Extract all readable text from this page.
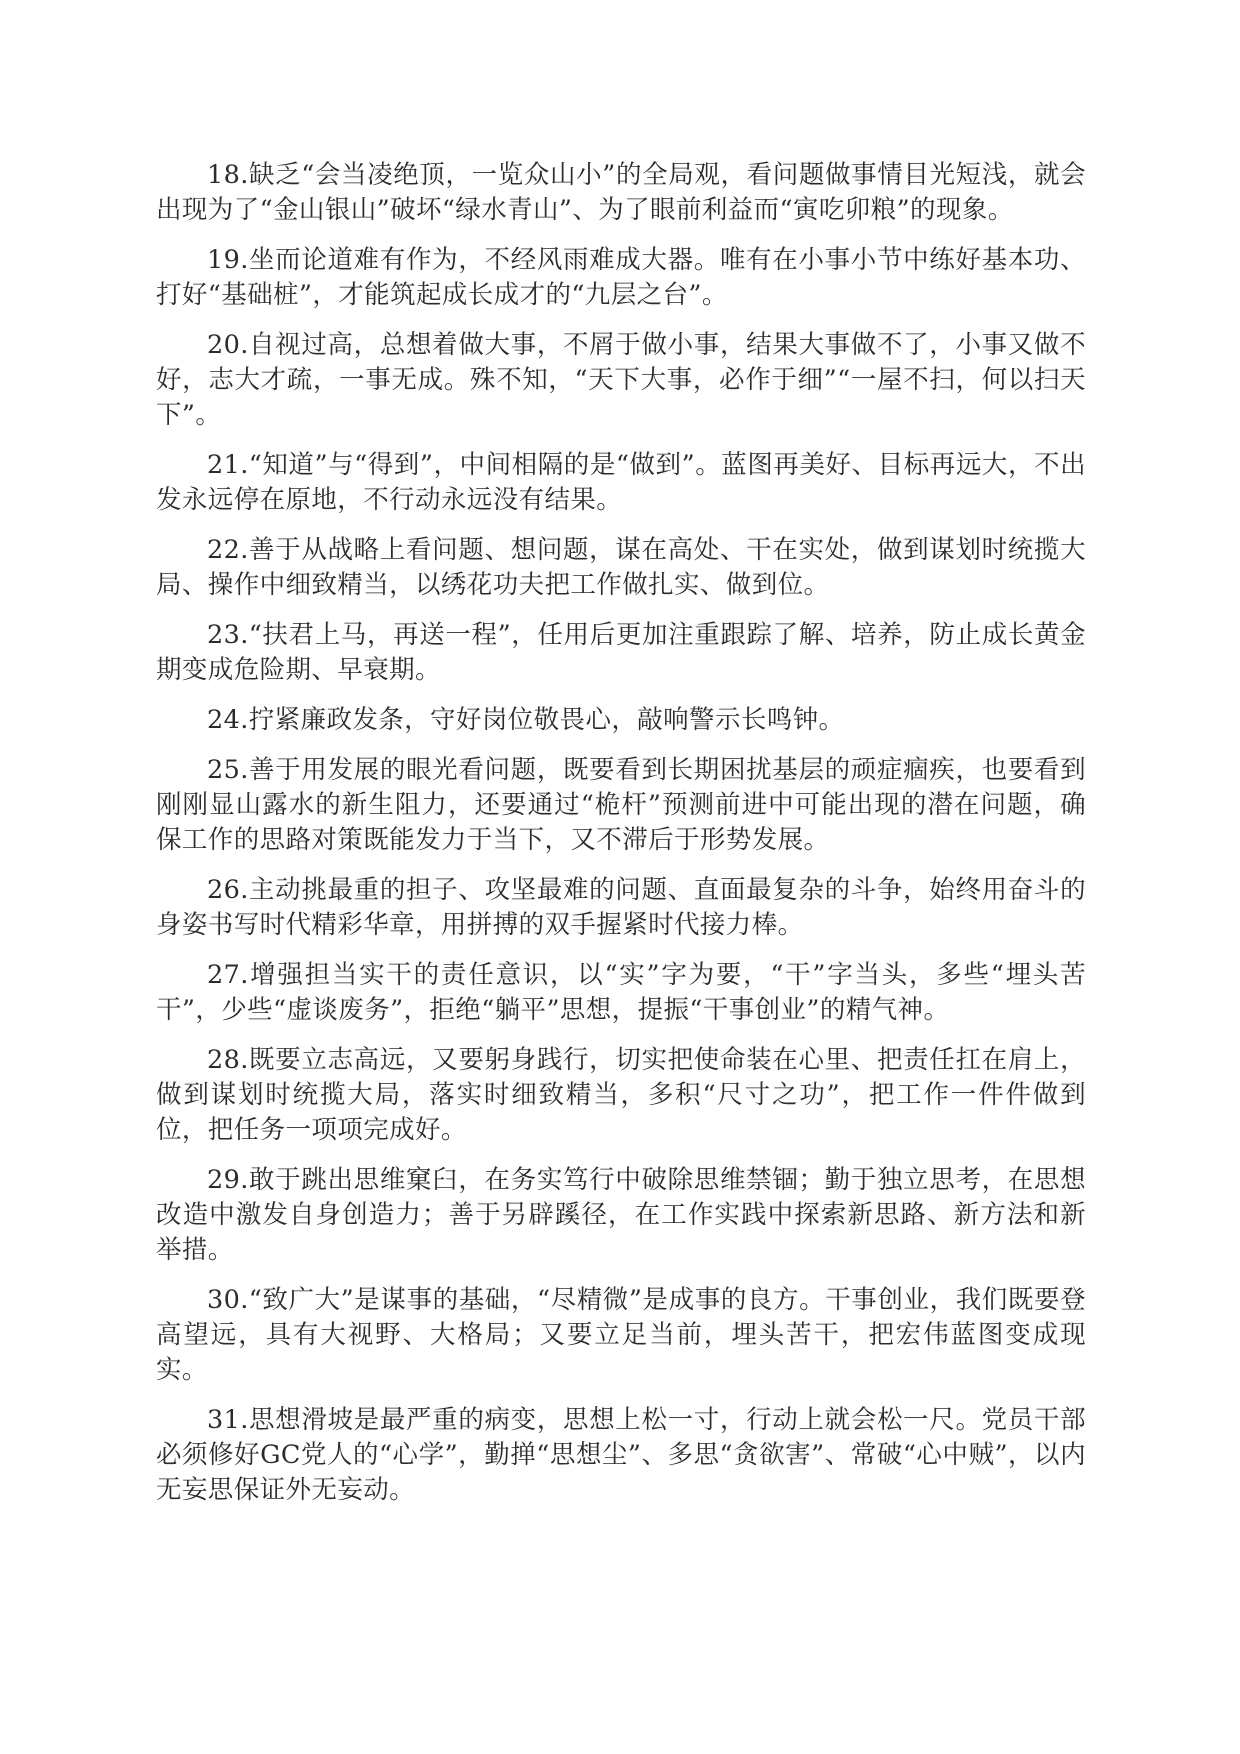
18.缺乏“会当凌绝顶，一览众山小”的全局观，看问题做事情目光短浅，就会出现为了“金山银山”破坏“绿水青山”、为了眼前利益而“寅吃卯粮”的现象。

19.坐而论道难有作为，不经风雨难成大器。唯有在小事小节中练好基本功、打好“基础桩”，才能筑起成长成才的“九层之台”。

20.自视过高，总想着做大事，不屑于做小事，结果大事做不了，小事又做不好，志大才疏，一事无成。殊不知，“天下大事，必作于细”“一屋不扫，何以扫天下”。

21.“知道”与“得到”，中间相隔的是“做到”。蓝图再美好、目标再远大，不出发永远停在原地，不行动永远没有结果。

22.善于从战略上看问题、想问题，谋在高处、干在实处，做到谋划时统揽大局、操作中细致精当，以绣花功夫把工作做扎实、做到位。

23.“扶君上马，再送一程”，任用后更加注重跟踪了解、培养，防止成长黄金期变成危险期、早衰期。

24.拧紧廉政发条，守好岗位敬畏心，敲响警示长鸣钟。

25.善于用发展的眼光看问题，既要看到长期困扰基层的顽症痼疾，也要看到刚刚显山露水的新生阻力，还要通过“桅杆”预测前进中可能出现的潜在问题，确保工作的思路对策既能发力于当下，又不滞后于形势发展。

26.主动挑最重的担子、攻坚最难的问题、直面最复杂的斗争，始终用奋斗的身姿书写时代精彩华章，用拼搏的双手握紧时代接力棒。

27.增强担当实干的责任意识，以“实”字为要，“干”字当头，多些“埋头苦干”，少些“虚谈废务”，拒绝“躺平”思想，提振“干事创业”的精气神。

28.既要立志高远，又要躬身践行，切实把使命装在心里、把责任扛在肩上，做到谋划时统揽大局，落实时细致精当，多积“尺寸之功”，把工作一件件做到位，把任务一项项完成好。

29.敢于跳出思维窠臼，在务实笃行中破除思维禁锢；勤于独立思考，在思想改造中激发自身创造力；善于另辟蹊径，在工作实践中探索新思路、新方法和新举措。

30.“致广大”是谋事的基础，“尽精微”是成事的良方。干事创业，我们既要登高望远，具有大视野、大格局；又要立足当前，埋头苦干，把宏伟蓝图变成现实。

31.思想滑坡是最严重的病变，思想上松一寸，行动上就会松一尺。党员干部必须修好GC党人的“心学”，勤掸“思想尘”、多思“贪欲害”、常破“心中贼”，以内无妄思保证外无妄动。
